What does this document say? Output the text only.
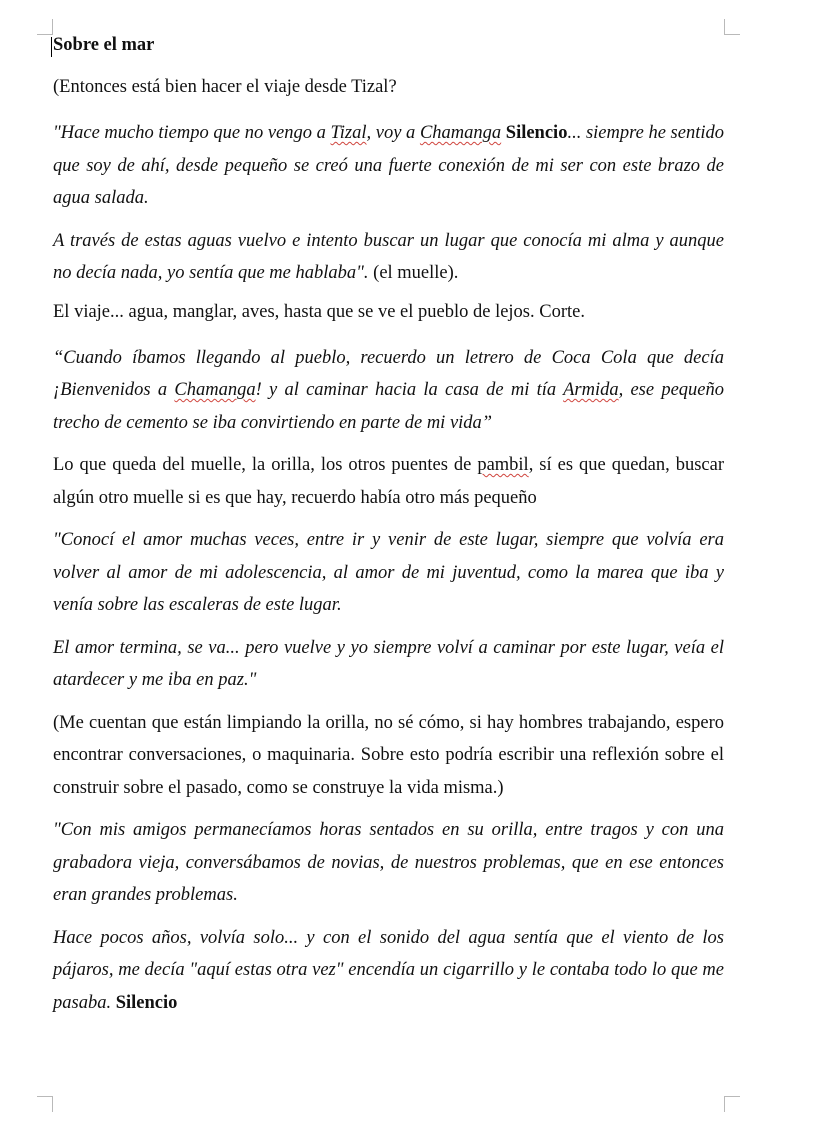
Sobre el mar

(Entonces está bien hacer el viaje desde Tizal?

"Hace mucho tiempo que no vengo a Tizal, voy a Chamanga Silencio... siempre he sentido que soy de ahí, desde pequeño se creó una fuerte conexión de mi ser con este brazo de agua salada.

A través de estas aguas vuelvo e intento buscar un lugar que conocía mi alma y aunque no decía nada, yo sentía que me hablaba". (el muelle).

El viaje... agua, manglar, aves, hasta que se ve el pueblo de lejos. Corte.

“Cuando íbamos llegando al pueblo, recuerdo un letrero de Coca Cola que decía ¡Bienvenidos a Chamanga! y al caminar hacia la casa de mi tía Armida, ese pequeño trecho de cemento se iba convirtiendo en parte de mi vida”

Lo que queda del muelle, la orilla, los otros puentes de pambil, sí es que quedan, buscar algún otro muelle si es que hay, recuerdo había otro más pequeño

"Conocí el amor muchas veces, entre ir y venir de este lugar, siempre que volvía era volver al amor de mi adolescencia, al amor de mi juventud, como la marea que iba y venía sobre las escaleras de este lugar.

El amor termina, se va... pero vuelve y yo siempre volví a caminar por este lugar, veía el atardecer y me iba en paz."

(Me cuentan que están limpiando la orilla, no sé cómo, si hay hombres trabajando, espero encontrar conversaciones, o maquinaria. Sobre esto podría escribir una reflexión sobre el construir sobre el pasado, como se construye la vida misma.)

"Con mis amigos permanecíamos horas sentados en su orilla, entre tragos y con una grabadora vieja, conversábamos de novias, de nuestros problemas, que en ese entonces eran grandes problemas.

Hace pocos años, volvía solo... y con el sonido del agua sentía que el viento de los pájaros, me decía "aquí estas otra vez" encendía un cigarrillo y le contaba todo lo que me pasaba. Silencio
